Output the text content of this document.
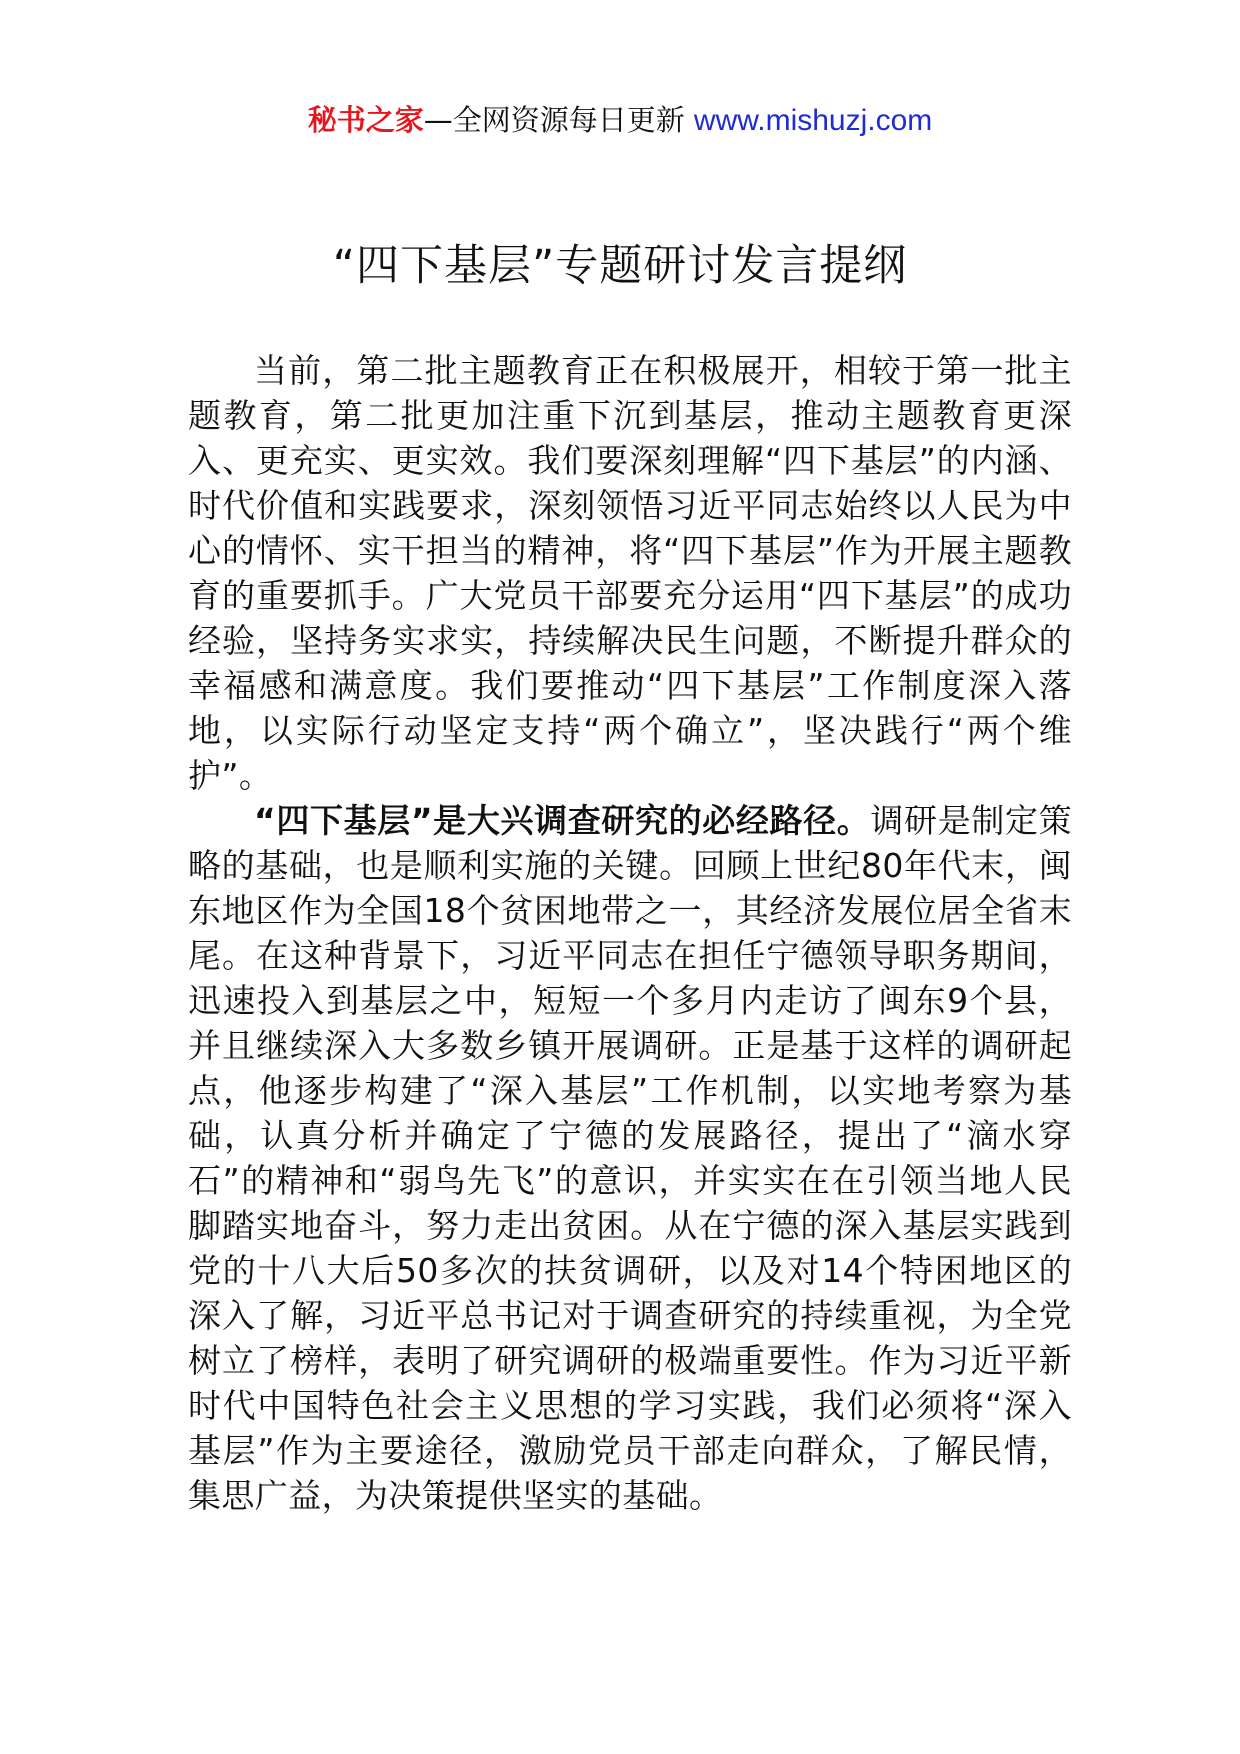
秘书之家—全网资源每日更新 www.mishuzj.com
“四下基层”专题研讨发言提纲

当前，第二批主题教育正在积极展开，相较于第一批主题教育，第二批更加注重下沉到基层，推动主题教育更深入、更充实、更实效。我们要深刻理解“四下基层”的内涵、时代价值和实践要求，深刻领悟习近平同志始终以人民为中心的情怀、实干担当的精神，将“四下基层”作为开展主题教育的重要抓手。广大党员干部要充分运用“四下基层”的成功经验，坚持务实求实，持续解决民生问题，不断提升群众的幸福感和满意度。我们要推动“四下基层”工作制度深入落地，以实际行动坚定支持“两个确立”，坚决践行“两个维护”。

“四下基层”是大兴调查研究的必经路径。调研是制定策略的基础，也是顺利实施的关键。回顾上世纪80年代末，闽东地区作为全国18个贫困地带之一，其经济发展位居全省末尾。在这种背景下，习近平同志在担任宁德领导职务期间，迅速投入到基层之中，短短一个多月内走访了闽东9个县，并且继续深入大多数乡镇开展调研。正是基于这样的调研起点，他逐步构建了“深入基层”工作机制，以实地考察为基础，认真分析并确定了宁德的发展路径，提出了“滴水穿石”的精神和“弱鸟先飞”的意识，并实实在在引领当地人民脚踏实地奋斗，努力走出贫困。从在宁德的深入基层实践到党的十八大后50多次的扶贫调研，以及对14个特困地区的深入了解，习近平总书记对于调查研究的持续重视，为全党树立了榜样，表明了研究调研的极端重要性。作为习近平新时代中国特色社会主义思想的学习实践，我们必须将“深入基层”作为主要途径，激励党员干部走向群众，了解民情，集思广益，为决策提供坚实的基础。
